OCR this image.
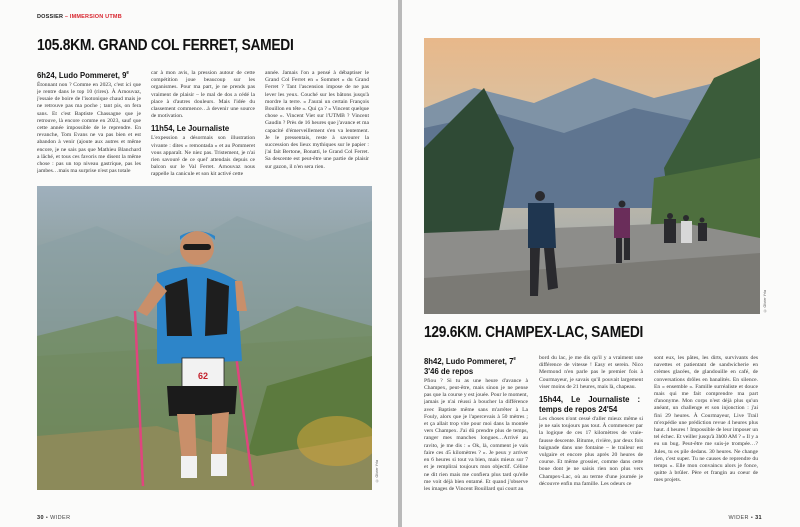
DOSSIER – IMMERSION UTMB
105.8KM. GRAND COL FERRET, SAMEDI
6h24, Ludo Pommeret, 9e

Étonnant non ? Comme en 2023, c'est ici que je rentre dans le top 10 (rires). À Arnouvaz, j'essaie de boire de l'isotonique chaud mais je ne retrouve pas ma poche ; tant pis, on fera sans. Et c'est Baptiste Chassagne que je retrouve, là encore comme en 2023, sauf que cette année impossible de le reprendre. En revanche, Tom Evans ne va pas bien et est abandon à venir (ajoute aux autres et même encore, je ne sais pas que Mathieu Blanchard a lâché, et tous ces favoris me disent la même chose : pas un top niveau gastrique, pas les jambes…mais ma surprise n'est pas totale

car à mon avis, la pression autour de cette compétition joue beaucoup sur les organismes. Pour ma part, je ne prends pas vraiment de plaisir – le mal de dos a cédé la place à d'autres douleurs. Mais l'idée du classement commence…à devenir une source de motivation.

11h54, Le Journaliste

L'expession a désormais son illustration vivante : dites « remontada » et au Pommeret vous apparaît. Ne niez pas. Tristement, je n'ai rien savouré de ce quel' attendais depuis ce balcon sur le Val Ferret. Arnouvaz nous rappelle la canicule et son kit activé cette

année. Jamais l'on a pensé à débaptiser le Grand Col Ferret en « Sommet » du Grand Ferret ? Tant l'ascension impose de ne pas lever les yeux. Couché sur les bâtons jusqu'à mordre la terre. « J'aurai un certain François Bouillon en tête ». Qui ça ? « Vincent quelque chose ». Vincent Viet sur l'UTMB ? Vincent Gaudin ? Près de 16 heures que j'avance et ma capacité d'émerveillement s'en va lentement. Je le pressentais, reste à savourer la succession des lieux mythiques sur le papier : j'ai fait Bertone, Bonatti, le Grand Col Ferret. Sa descente est peut-être une partie de plaisir sur gazon, il n'en sera rien.

62
© Olivier Yrla
30 • WIDER
© Olivier Yrla
129.6KM. CHAMPEX-LAC, SAMEDI
8h42, Ludo Pommeret, 7e
3'46 de repos

Pfiou ? Si tu as une heure d'avance à Champex, peut-être, mais sinon je ne pense pas que la course y est jouée. Pour le moment, jamais je n'ai réussi à boucher la différence avec Baptiste même sans m'arrêter à La Fouly, alors que je l'apercevais à 50 mètres ; et ça allait trop vite pour moi dans la montée vers Champex. J'ai dû prendre plus de temps, ranger mes manches longues…Arrivé au ravito, je me dis : « Ok, là, comment je vais faire ces 45 kilomètres ? ». Je peux y arriver en 6 heures si tout va bien, mais mieux sur 7 et je remplirai toujours mon objectif. Céline ne dit rien mais me confiera plus tard qu'elle me voit déjà bien entamé. Et quand j'observe les images de Vincent Bouillard qui court au

bord du lac, je me dis qu'il y a vraiment une différence de vitesse ! Easy et serein. Nico Mermond n'en parle pas le premier fois à Courmayeur, je savais qu'il pouvait largement viser moins de 21 heures, mais là, chapeau.

15h44, Le Journaliste : temps de repos 24'54

Les choses n'ont cessé d'aller mieux même si je ne sais toujours pas tout. À commencer par la logique de ces 17 kilomètres de vraie-fausse descente. Bitume, rivière, par deux fois baignade dans une fontaine – le traileur est vulgaire et encore plus après 20 heures de course. Et même grossier, comme dans cette boue dont je ne saisis rien non plus vers Champex-Lac, où au terme d'une journée je découvre enfin ma famille. Les odeurs ce

sont eux, les pâtes, les dirts, survivants des navettes et patientant de sandwicherie en crèmes glacées, de glandouille en café, de conversations drôles en banalités. En silence. En « ensemble ». Famille surréaliste et douce mais qui me fait comprendre ma part d'anonyme. Mon corps n'est déjà plus qu'un anéant, un challenge et son injonction : j'ai fini 29 heures. À Courmayeur, Live Trail m'expédie une prédiction revue 4 heures plus haut. 4 heures ! Impossible de leur imposer un tel échec. Et veiller jusqu'à 3h00 AM ? « Il y a eu un bug. Peut-être me suis-je trompée…? Jules, tu es pile dedans. 30 heures. Ne change rien, c'est super. Tu ne causes de reprendre du temps ». Elle mon convaincu alors je fonce, quitte à brûler. Père et frangin au coeur de mes projets.

WIDER • 31
